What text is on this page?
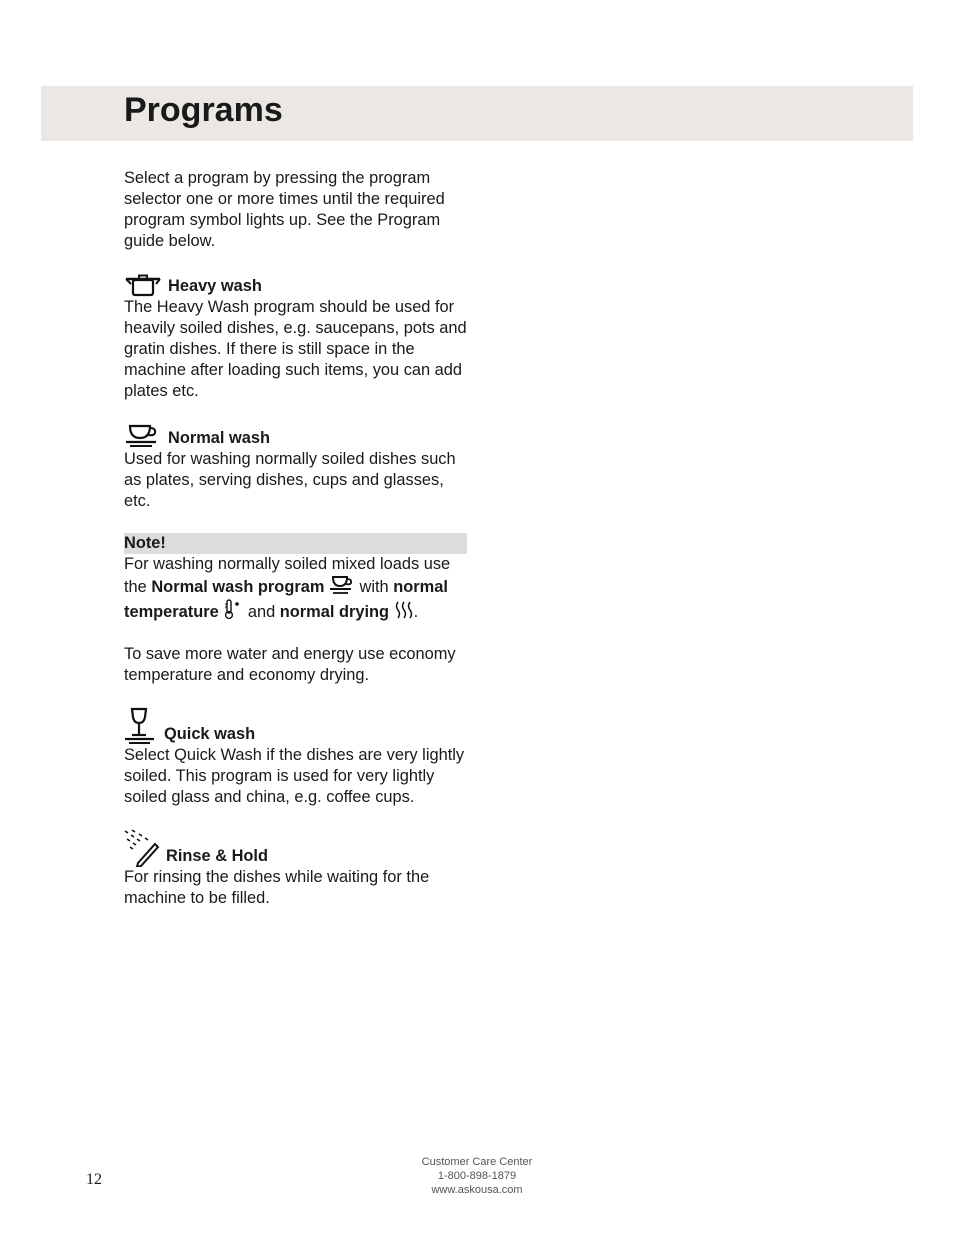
Programs

Select a program by pressing the program selector one or more times until the required program symbol lights up. See the Program guide below.

Heavy wash

The Heavy Wash program should be used for heavily soiled dishes, e.g. saucepans, pots and gratin dishes. If there is still space in the machine after loading such items, you can add plates etc.

Normal wash

Used for washing normally soiled dishes such as plates, serving dishes, cups and glasses, etc.

Note!

For washing normally soiled mixed loads use the Normal wash program  with normal temperature  and normal drying .

To save more water and energy use economy temperature and economy drying.

Quick wash

Select Quick Wash if the dishes are very lightly soiled. This program is used for very lightly soiled glass and china, e.g. coffee cups.

Rinse & Hold

For rinsing the dishes while waiting for the machine to be filled.

12
Customer Care Center
1-800-898-1879
www.askousa.com
